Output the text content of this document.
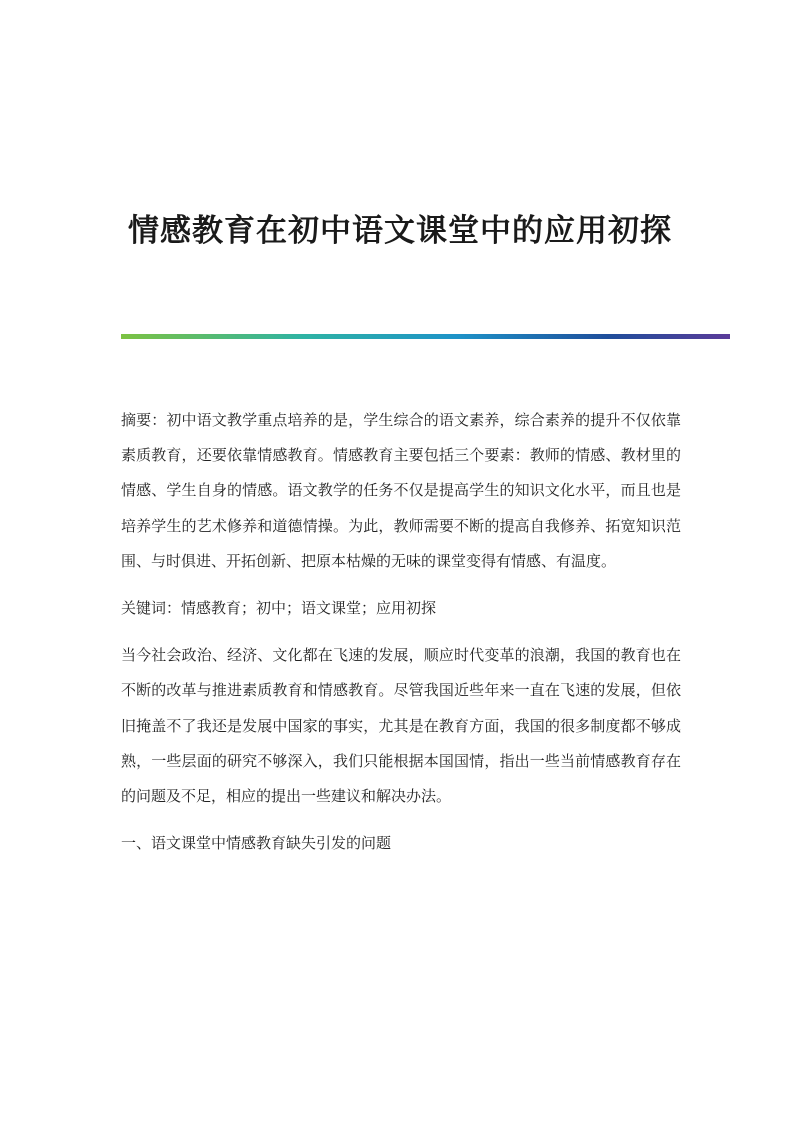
情感教育在初中语文课堂中的应用初探

摘要：初中语文教学重点培养的是，学生综合的语文素养，综合素养的提升不仅依靠素质教育，还要依靠情感教育。情感教育主要包括三个要素：教师的情感、教材里的情感、学生自身的情感。语文教学的任务不仅是提高学生的知识文化水平，而且也是培养学生的艺术修养和道德情操。为此，教师需要不断的提高自我修养、拓宽知识范围、与时俱进、开拓创新、把原本枯燥的无味的课堂变得有情感、有温度。

关键词：情感教育；初中；语文课堂；应用初探

当今社会政治、经济、文化都在飞速的发展，顺应时代变革的浪潮，我国的教育也在不断的改革与推进素质教育和情感教育。尽管我国近些年来一直在飞速的发展，但依旧掩盖不了我还是发展中国家的事实，尤其是在教育方面，我国的很多制度都不够成熟，一些层面的研究不够深入，我们只能根据本国国情，指出一些当前情感教育存在的问题及不足，相应的提出一些建议和解决办法。

一、语文课堂中情感教育缺失引发的问题
